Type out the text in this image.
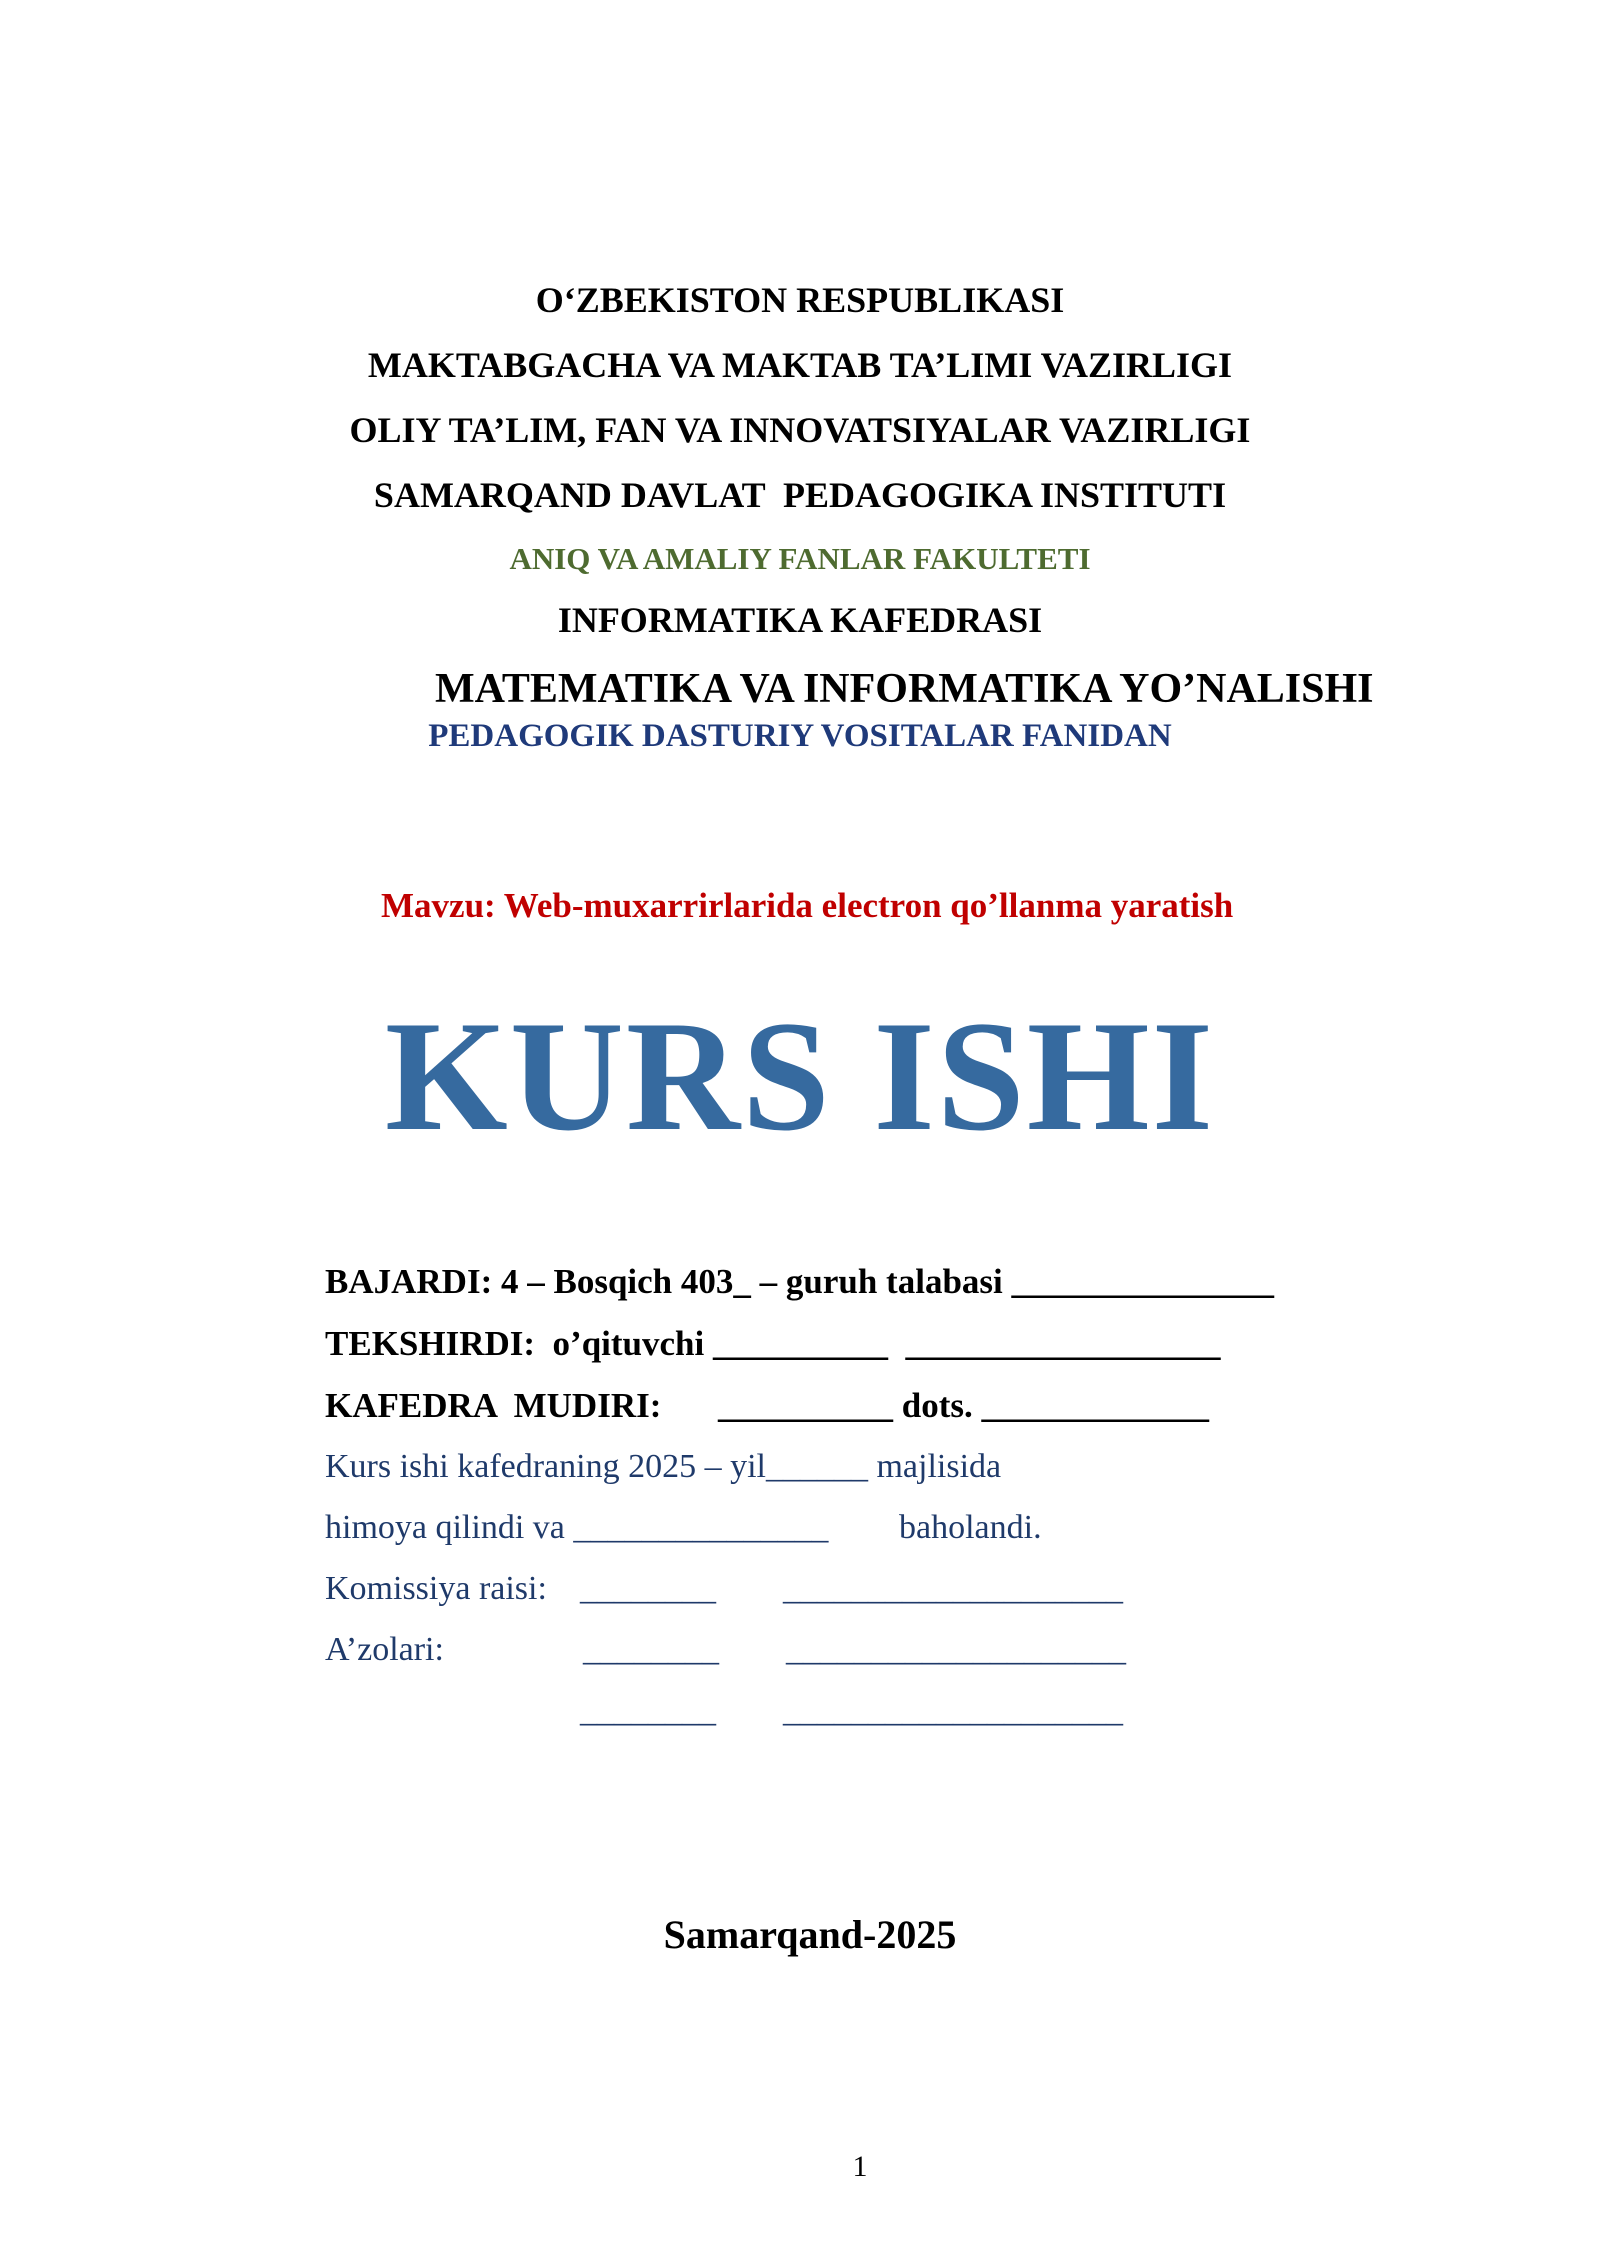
O‘ZBEKISTON RESPUBLIKASI
MAKTABGACHA VA MAKTAB TA’LIMI VAZIRLIGI
OLIY TA’LIM, FAN VA INNOVATSIYALAR VAZIRLIGI
SAMARQAND DAVLAT  PEDAGOGIKA INSTITUTI
ANIQ VA AMALIY FANLAR FAKULTETI
INFORMATIKA KAFEDRASI
MATEMATIKA VA INFORMATIKA YO’NALISHI
PEDAGOGIK DASTURIY VOSITALAR FANIDAN
Mavzu: Web-muxarrirlarida electron qo’llanma yaratish
KURS ISHI
BAJARDI: 4 – Bosqich 403_ – guruh talabasi _______________
TEKSHIRDI:  o’qituvchi __________  __________________
KAFEDRA  MUDIRI: __________ dots. _____________
Kurs ishi kafedraning 2025 – yil______ majlisida
himoya qilindi va _______________ baholandi.
Komissiya raisi: ________ ____________________
A’zolari:	________ ____________________
________ ____________________
Samarqand-2025
1
